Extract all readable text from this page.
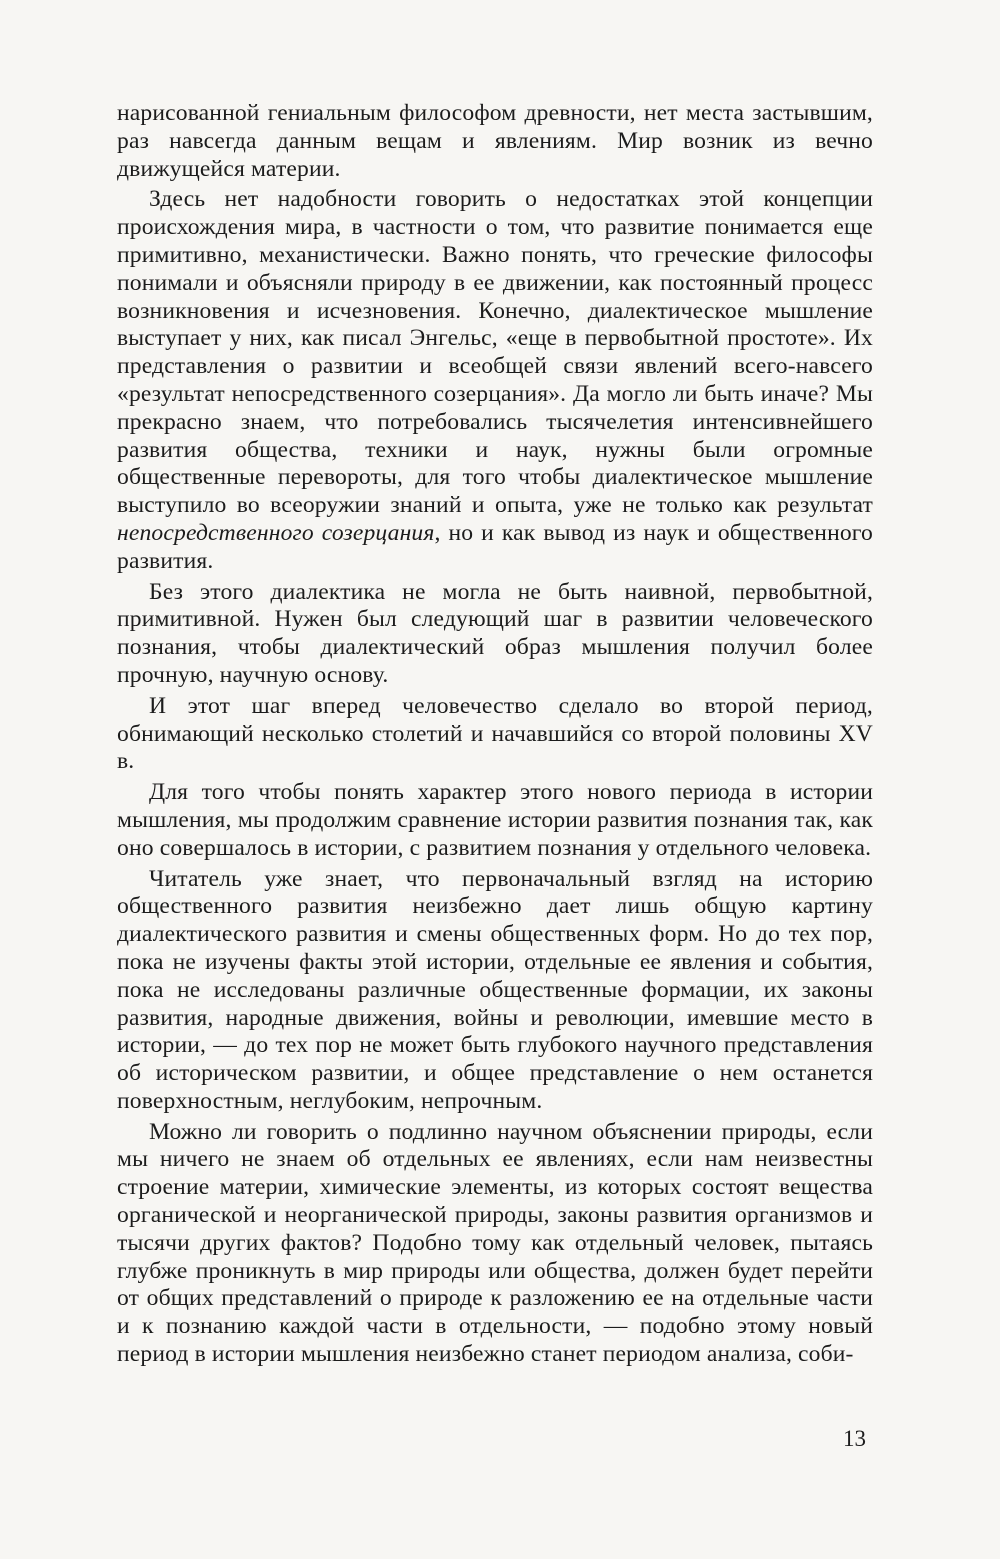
нарисованной гениальным философом древности, нет места застывшим, раз навсегда данным вещам и явлениям. Мир возник из вечно движущейся материи.

Здесь нет надобности говорить о недостатках этой концепции происхождения мира, в частности о том, что развитие понимается еще примитивно, механистически. Важно понять, что греческие философы понимали и объясняли природу в ее движении, как постоянный процесс возникновения и исчезновения. Конечно, диалектическое мышление выступает у них, как писал Энгельс, «еще в первобытной простоте». Их представления о развитии и всеобщей связи явлений всего-навсего «результат непосредственного созерцания». Да могло ли быть иначе? Мы прекрасно знаем, что потребовались тысячелетия интенсивнейшего развития общества, техники и наук, нужны были огромные общественные перевороты, для того чтобы диалектическое мышление выступило во всеоружии знаний и опыта, уже не только как результат непосредственного созерцания, но и как вывод из наук и общественного развития.

Без этого диалектика не могла не быть наивной, первобытной, примитивной. Нужен был следующий шаг в развитии человеческого познания, чтобы диалектический образ мышления получил более прочную, научную основу.

И этот шаг вперед человечество сделало во второй период, обнимающий несколько столетий и начавшийся со второй половины XV в.

Для того чтобы понять характер этого нового периода в истории мышления, мы продолжим сравнение истории развития познания так, как оно совершалось в истории, с развитием познания у отдельного человека.

Читатель уже знает, что первоначальный взгляд на историю общественного развития неизбежно дает лишь общую картину диалектического развития и смены общественных форм. Но до тех пор, пока не изучены факты этой истории, отдельные ее явления и события, пока не исследованы различные общественные формации, их законы развития, народные движения, войны и революции, имевшие место в истории, — до тех пор не может быть глубокого научного представления об историческом развитии, и общее представление о нем останется поверхностным, неглубоким, непрочным.

Можно ли говорить о подлинно научном объяснении природы, если мы ничего не знаем об отдельных ее явлениях, если нам неизвестны строение материи, химические элементы, из которых состоят вещества органической и неорганической природы, законы развития организмов и тысячи других фактов? Подобно тому как отдельный человек, пытаясь глубже проникнуть в мир природы или общества, должен будет перейти от общих представлений о природе к разложению ее на отдельные части и к познанию каждой части в отдельности, — подобно этому новый период в истории мышления неизбежно станет периодом анализа, соби-

13
